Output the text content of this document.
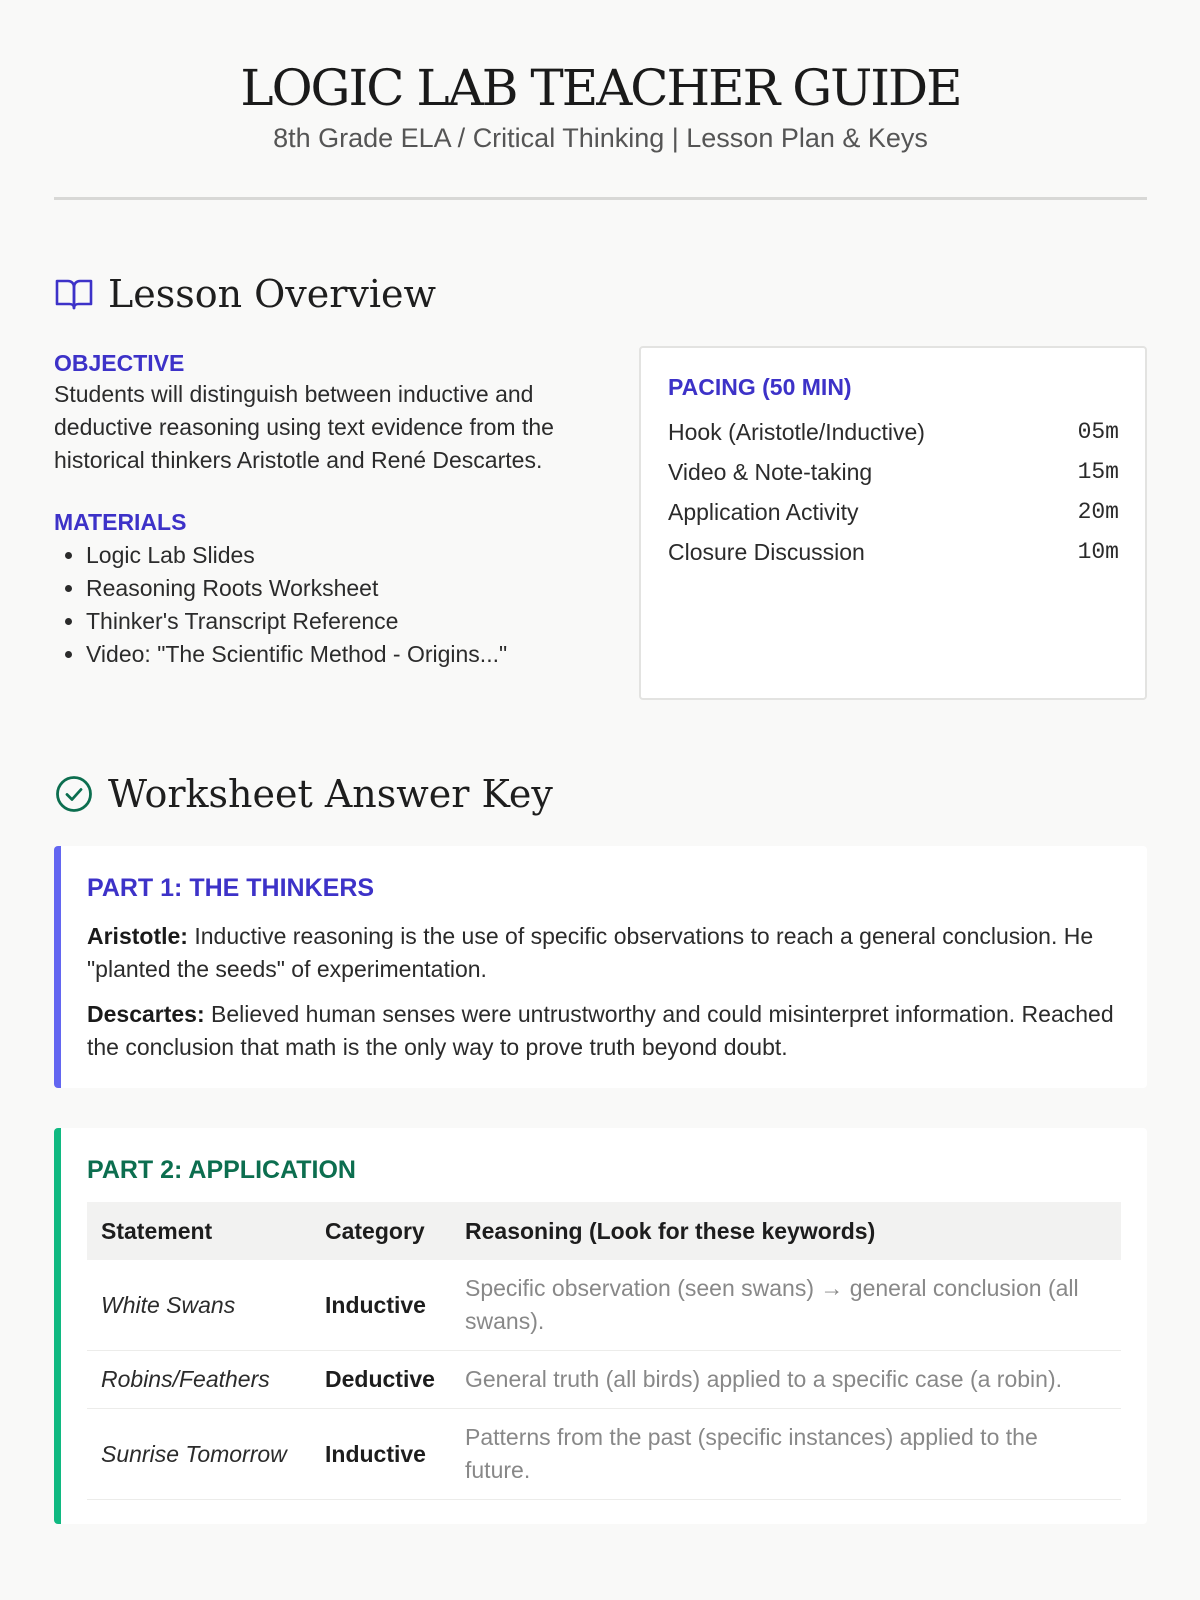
LOGIC LAB TEACHER GUIDE
8th Grade ELA / Critical Thinking | Lesson Plan & Keys
Lesson Overview
OBJECTIVE
Students will distinguish between inductive and deductive reasoning using text evidence from the historical thinkers Aristotle and René Descartes.
MATERIALS
• Logic Lab Slides
• Reasoning Roots Worksheet
• Thinker's Transcript Reference
• Video: "The Scientific Method - Origins..."
PACING (50 MIN)
Hook (Aristotle/Inductive)	05m
Video & Note-taking	15m
Application Activity	20m
Closure Discussion	10m
Worksheet Answer Key
PART 1: THE THINKERS

Aristotle: Inductive reasoning is the use of specific observations to reach a general conclusion. He "planted the seeds" of experimentation.

Descartes: Believed human senses were untrustworthy and could misinterpret information. Reached the conclusion that math is the only way to prove truth beyond doubt.

PART 2: APPLICATION
Statement	Category	Reasoning (Look for these keywords)
White Swans	Inductive	Specific observation (seen swans) → general conclusion (all swans).
Robins/Feathers	Deductive	General truth (all birds) applied to a specific case (a robin).
Sunrise Tomorrow	Inductive	Patterns from the past (specific instances) applied to the future.
